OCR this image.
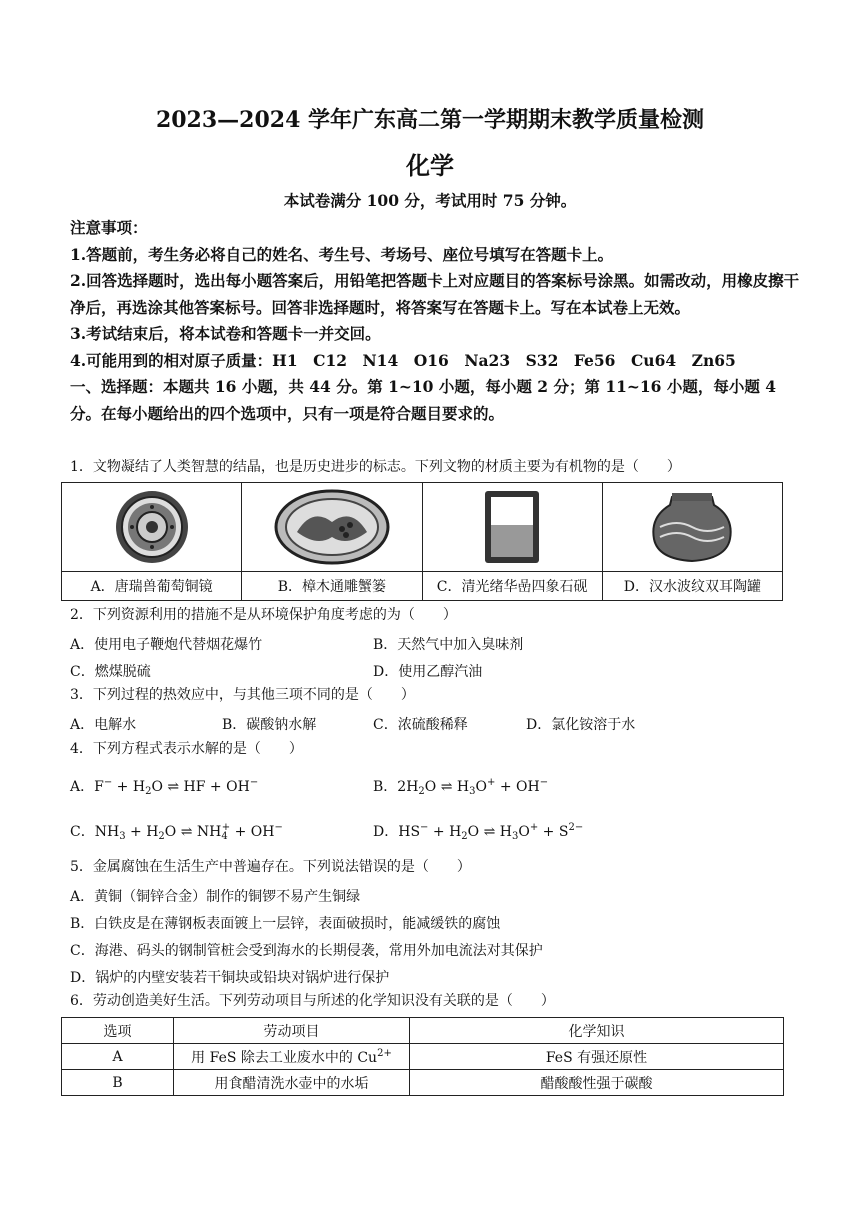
2023—2024 学年广东高二第一学期期末教学质量检测
化学
本试卷满分 100 分，考试用时 75 分钟。
注意事项：
1.答题前，考生务必将自己的姓名、考生号、考场号、座位号填写在答题卡上。
2.回答选择题时，选出每小题答案后，用铅笔把答题卡上对应题目的答案标号涂黑。如需改动，用橡皮擦干净后，再选涂其他答案标号。回答非选择题时，将答案写在答题卡上。写在本试卷上无效。
3.考试结束后，将本试卷和答题卡一并交回。
4.可能用到的相对原子质量：H1　C12　N14　O16　Na23　S32　Fe56　Cu64　Zn65
一、选择题：本题共 16 小题，共 44 分。第 1~10 小题，每小题 2 分；第 11~16 小题，每小题 4 分。在每小题给出的四个选项中，只有一项是符合题目要求的。
1．文物凝结了人类智慧的结晶，也是历史进步的标志。下列文物的材质主要为有机物的是（　　）

A．唐瑞兽葡萄铜镜	B．樟木通雕蟹篓	C．清光绪华嵒四象石砚	D．汉水波纹双耳陶罐
2．下列资源利用的措施不是从环境保护角度考虑的为（　　）
A．使用电子鞭炮代替烟花爆竹	B．天然气中加入臭味剂
C．燃煤脱硫	D．使用乙醇汽油
3．下列过程的热效应中，与其他三项不同的是（　　）
A．电解水	B．碳酸钠水解	C．浓硫酸稀释	D．氯化铵溶于水
4．下列方程式表示水解的是（　　）
A．$F^- + H_2O$ ⇌ HF + OH−	B．$2H_2O$ ⇌ $H_3O^+ + OH^-$
C．$NH_3 + H_2O$ ⇌ $NH_4^+ + OH^-$	D．$HS^- + H_2O$ ⇌ $H_3O^+ + S^{2-}$
5．金属腐蚀在生活生产中普遍存在。下列说法错误的是（　　）
A．黄铜（铜锌合金）制作的铜锣不易产生铜绿
B．白铁皮是在薄钢板表面镀上一层锌，表面破损时，能减缓铁的腐蚀
C．海港、码头的钢制管桩会受到海水的长期侵袭，常用外加电流法对其保护
D．锅炉的内壁安装若干铜块或铅块对锅炉进行保护
6．劳动创造美好生活。下列劳动项目与所述的化学知识没有关联的是（　　）
选项	劳动项目	化学知识
A	用 FeS 除去工业废水中的 $Cu^{2+}$	FeS 有强还原性
B	用食醋清洗水壶中的水垢	醋酸酸性强于碳酸
